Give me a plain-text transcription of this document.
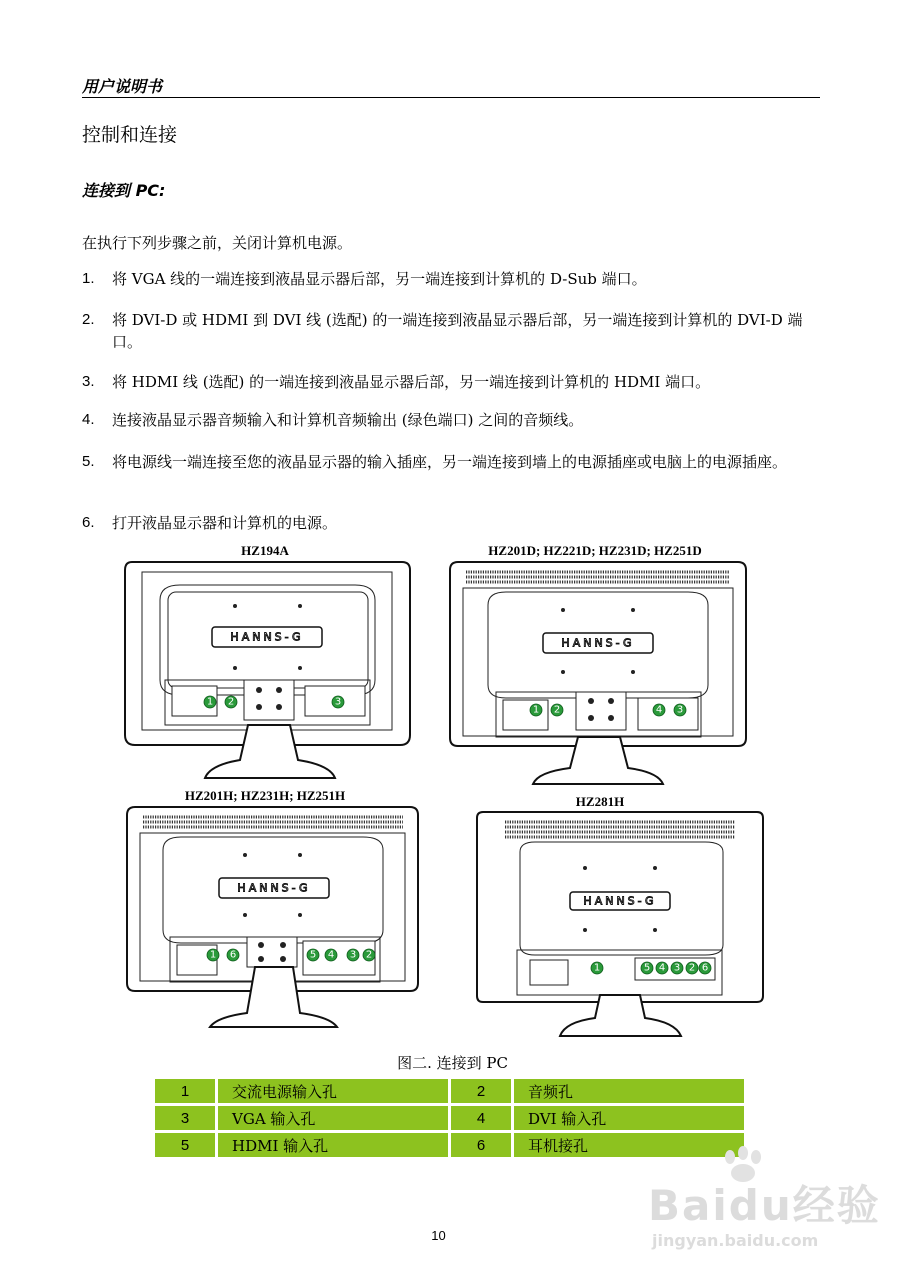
用户说明书
控制和连接
连接到 PC:
在执行下列步骤之前，关闭计算机电源。
1. 将 VGA 线的一端连接到液晶显示器后部，另一端连接到计算机的 D-Sub 端口。
2. 将 DVI-D 或 HDMI 到 DVI 线 (选配) 的一端连接到液晶显示器后部，另一端连接到计算机的 DVI-D 端口。
3. 将 HDMI 线 (选配) 的一端连接到液晶显示器后部，另一端连接到计算机的 HDMI 端口。
4. 连接液晶显示器音频输入和计算机音频输出 (绿色端口) 之间的音频线。
5. 将电源线一端连接至您的液晶显示器的输入插座，另一端连接到墙上的电源插座或电脑上的电源插座。
6. 打开液晶显示器和计算机的电源。
HZ194A	HZ201D; HZ221D; HZ231D; HZ251D
HZ201H; HZ231H; HZ251H	HZ281H
HANNS-G
1 2	3
HANNS-G
1 2	4 3
HANNS-G
1 6	5 4 3 2
HANNS-G
1	5 4 3 2 6
图二. 连接到 PC
1	交流电源输入孔	2	音频孔
3	VGA 输入孔	4	DVI 输入孔
5	HDMI 输入孔	6	耳机接孔
Baidu经验
jingyan.baidu.com
10
